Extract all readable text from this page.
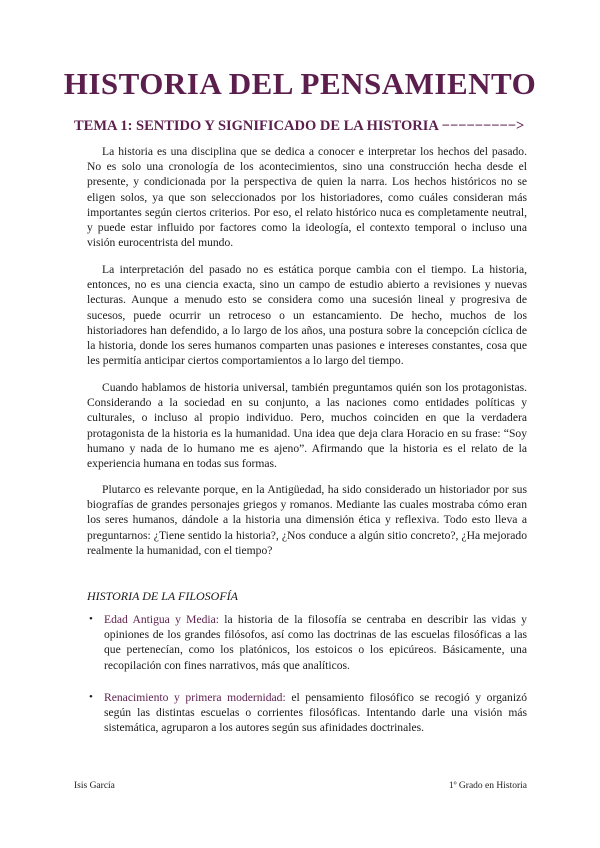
HISTORIA DEL PENSAMIENTO
TEMA 1: SENTIDO Y SIGNIFICADO DE LA HISTORIA −−−−−−−−−>

La historia es una disciplina que se dedica a conocer e interpretar los hechos del pasado. No es solo una cronología de los acontecimientos, sino una construcción hecha desde el presente, y condicionada por la perspectiva de quien la narra. Los hechos históricos no se eligen solos, ya que son seleccionados por los historiadores, como cuáles consideran más importantes según ciertos criterios. Por eso, el relato histórico nuca es completamente neutral, y puede estar influido por factores como la ideología, el contexto temporal o incluso una visión eurocentrista del mundo.

La interpretación del pasado no es estática porque cambia con el tiempo. La historia, entonces, no es una ciencia exacta, sino un campo de estudio abierto a revisiones y nuevas lecturas. Aunque a menudo esto se considera como una sucesión lineal y progresiva de sucesos, puede ocurrir un retroceso o un estancamiento. De hecho, muchos de los historiadores han defendido, a lo largo de los años, una postura sobre la concepción cíclica de la historia, donde los seres humanos comparten unas pasiones e intereses constantes, cosa que les permitía anticipar ciertos comportamientos a lo largo del tiempo.

Cuando hablamos de historia universal, también preguntamos quién son los protagonistas. Considerando a la sociedad en su conjunto, a las naciones como entidades políticas y culturales, o incluso al propio individuo. Pero, muchos coinciden en que la verdadera protagonista de la historia es la humanidad. Una idea que deja clara Horacio en su frase: “Soy humano y nada de lo humano me es ajeno”. Afirmando que la historia es el relato de la experiencia humana en todas sus formas.

Plutarco es relevante porque, en la Antigüedad, ha sido considerado un historiador por sus biografías de grandes personajes griegos y romanos. Mediante las cuales mostraba cómo eran los seres humanos, dándole a la historia una dimensión ética y reflexiva. Todo esto lleva a preguntarnos: ¿Tiene sentido la historia?, ¿Nos conduce a algún sitio concreto?, ¿Ha mejorado realmente la humanidad, con el tiempo?

HISTORIA DE LA FILOSOFÍA

• Edad Antigua y Media: la historia de la filosofía se centraba en describir las vidas y opiniones de los grandes filósofos, así como las doctrinas de las escuelas filosóficas a las que pertenecían, como los platónicos, los estoicos o los epicúreos. Básicamente, una recopilación con fines narrativos, más que analíticos.
• Renacimiento y primera modernidad: el pensamiento filosófico se recogió y organizó según las distintas escuelas o corrientes filosóficas. Intentando darle una visión más sistemática, agruparon a los autores según sus afinidades doctrinales.

Isis García	1º Grado en Historia
